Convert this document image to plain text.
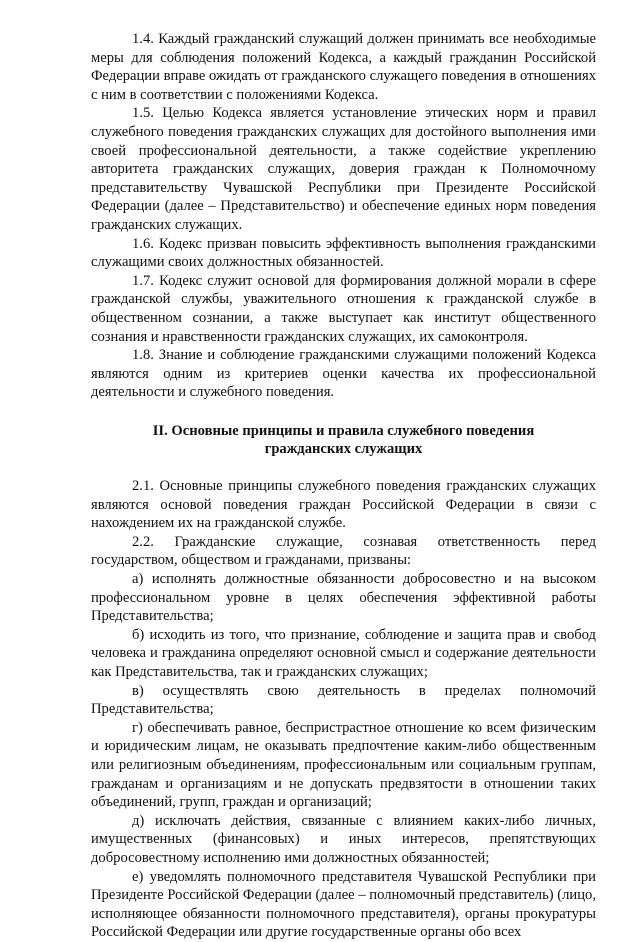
1.4. Каждый гражданский служащий должен принимать все необходимые меры для соблюдения положений Кодекса, а каждый гражданин Российской Федерации вправе ожидать от гражданского служащего поведения в отношениях с ним в соответствии с положениями Кодекса.

1.5. Целью Кодекса является установление этических норм и правил служебного поведения гражданских служащих для достойного выполнения ими своей профессиональной деятельности, а также содействие укреплению авторитета гражданских служащих, доверия граждан к Полномочному представительству Чувашской Республики при Президенте Российской Федерации (далее – Представительство) и обеспечение единых норм поведения гражданских служащих.

1.6. Кодекс призван повысить эффективность выполнения гражданскими служащими своих должностных обязанностей.

1.7. Кодекс служит основой для формирования должной морали в сфере гражданской службы, уважительного отношения к гражданской службе в общественном сознании, а также выступает как институт общественного сознания и нравственности гражданских служащих, их самоконтроля.

1.8. Знание и соблюдение гражданскими служащими положений Кодекса являются одним из критериев оценки качества их профессиональной деятельности и служебного поведения.

II. Основные принципы и правила служебного поведения
гражданских служащих

2.1. Основные принципы служебного поведения гражданских служащих являются основой поведения граждан Российской Федерации в связи с нахождением их на гражданской службе.

2.2. Гражданские служащие, сознавая ответственность перед государством, обществом и гражданами, призваны:

а) исполнять должностные обязанности добросовестно и на высоком профессиональном уровне в целях обеспечения эффективной работы Представительства;

б) исходить из того, что признание, соблюдение и защита прав и свобод человека и гражданина определяют основной смысл и содержание деятельности как Представительства, так и гражданских служащих;

в) осуществлять свою деятельность в пределах полномочий Представительства;

г) обеспечивать равное, беспристрастное отношение ко всем физическим и юридическим лицам, не оказывать предпочтение каким-либо общественным или религиозным объединениям, профессиональным или социальным группам, гражданам и организациям и не допускать предвзятости в отношении таких объединений, групп, граждан и организаций;

д) исключать действия, связанные с влиянием каких-либо личных, имущественных (финансовых) и иных интересов, препятствующих добросовестному исполнению ими должностных обязанностей;

е) уведомлять полномочного представителя Чувашской Республики при Президенте Российской Федерации (далее – полномочный представитель) (лицо, исполняющее обязанности полномочного представителя), органы прокуратуры Российской Федерации или другие государственные органы обо всех
